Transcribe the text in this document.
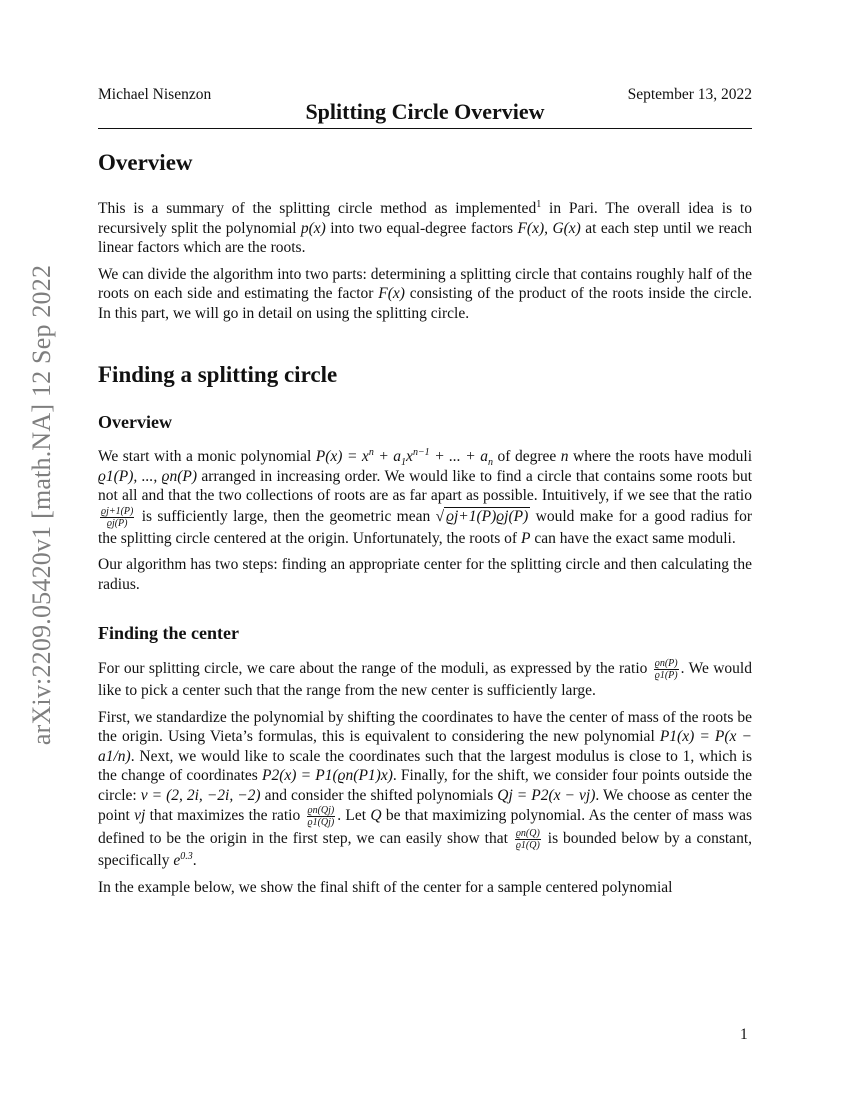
arXiv:2209.05420v1 [math.NA] 12 Sep 2022
Michael Nisenzon	September 13, 2022
Splitting Circle Overview
Overview

This is a summary of the splitting circle method as implemented$^1$ in Pari. The overall idea is to recursively split the polynomial p(x) into two equal-degree factors F(x), G(x) at each step until we reach linear factors which are the roots.

We can divide the algorithm into two parts: determining a splitting circle that contains roughly half of the roots on each side and estimating the factor F(x) consisting of the product of the roots inside the circle. In this part, we will go in detail on using the splitting circle.

Finding a splitting circle
Overview

We start with a monic polynomial $P(x) = x^n + a_1x^{n-1}$ + ... + $a_n$ of degree n where the roots have moduli ϱ1(P), ..., ϱn(P) arranged in increasing order. We would like to find a circle that contains some roots but not all and that the two collections of roots are as far apart as possible. Intuitively, if we see that the ratio
$\frac{ϱj+1(P)}{ϱj(P)}$ is sufficiently large, then the geometric mean √ ϱj+1(P)ϱj(P) would make for a good radius for the splitting circle centered at the origin. Unfortunately, the roots of P can have the exact same moduli.

Our algorithm has two steps: finding an appropriate center for the splitting circle and then calculating the radius.

Finding the center

For our splitting circle, we care about the range of the moduli, as expressed by the ratio $\frac{ϱn(P)}{ϱ1(P)}$ . We would like to pick a center such that the range from the new center is sufficiently large.

First, we standardize the polynomial by shifting the coordinates to have the center of mass of the roots be the origin. Using Vieta’s formulas, this is equivalent to considering the new polynomial P1(x) = P(x − a1/n). Next, we would like to scale the coordinates such that the largest modulus is close to 1, which is the change of coordinates P2(x) = P1(ϱn(P1)x). Finally, for the shift, we consider four points outside the circle: v = (2, 2i, −2i, −2) and consider the shifted polynomials Qj = P2(x − vj). We choose as center the point vj that maximizes the ratio $\frac{ϱn(Qj)}{ϱ1(Qj)}$ . Let Q be that maximizing polynomial. As the center of mass was defined to be the origin in the first step, we can easily show that $\frac{ϱn(Q)}{ϱ1(Q)}$ is bounded below by a constant, specifically $e^{0.3}$.

In the example below, we show the final shift of the center for a sample centered polynomial

1
